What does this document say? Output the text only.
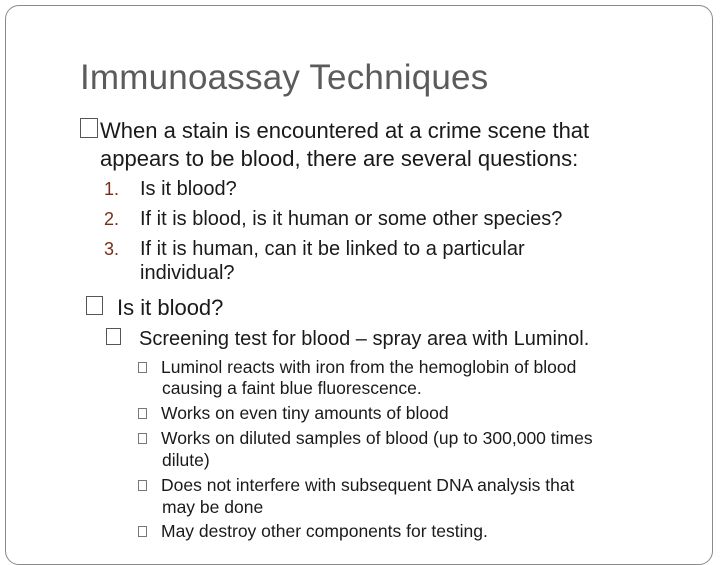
Immunoassay Techniques
When a stain is encountered at a crime scene that
appears to be blood, there are several questions:
1. Is it blood?
2. If it is blood, is it human or some other species?
3. If it is human, can it be linked to a particular
individual?
Is it blood?
Screening test for blood – spray area with Luminol.
Luminol reacts with iron from the hemoglobin of blood
causing a faint blue fluorescence.
Works on even tiny amounts of blood
Works on diluted samples of blood (up to 300,000 times
dilute)
Does not interfere with subsequent DNA analysis that
may be done
May destroy other components for testing.
